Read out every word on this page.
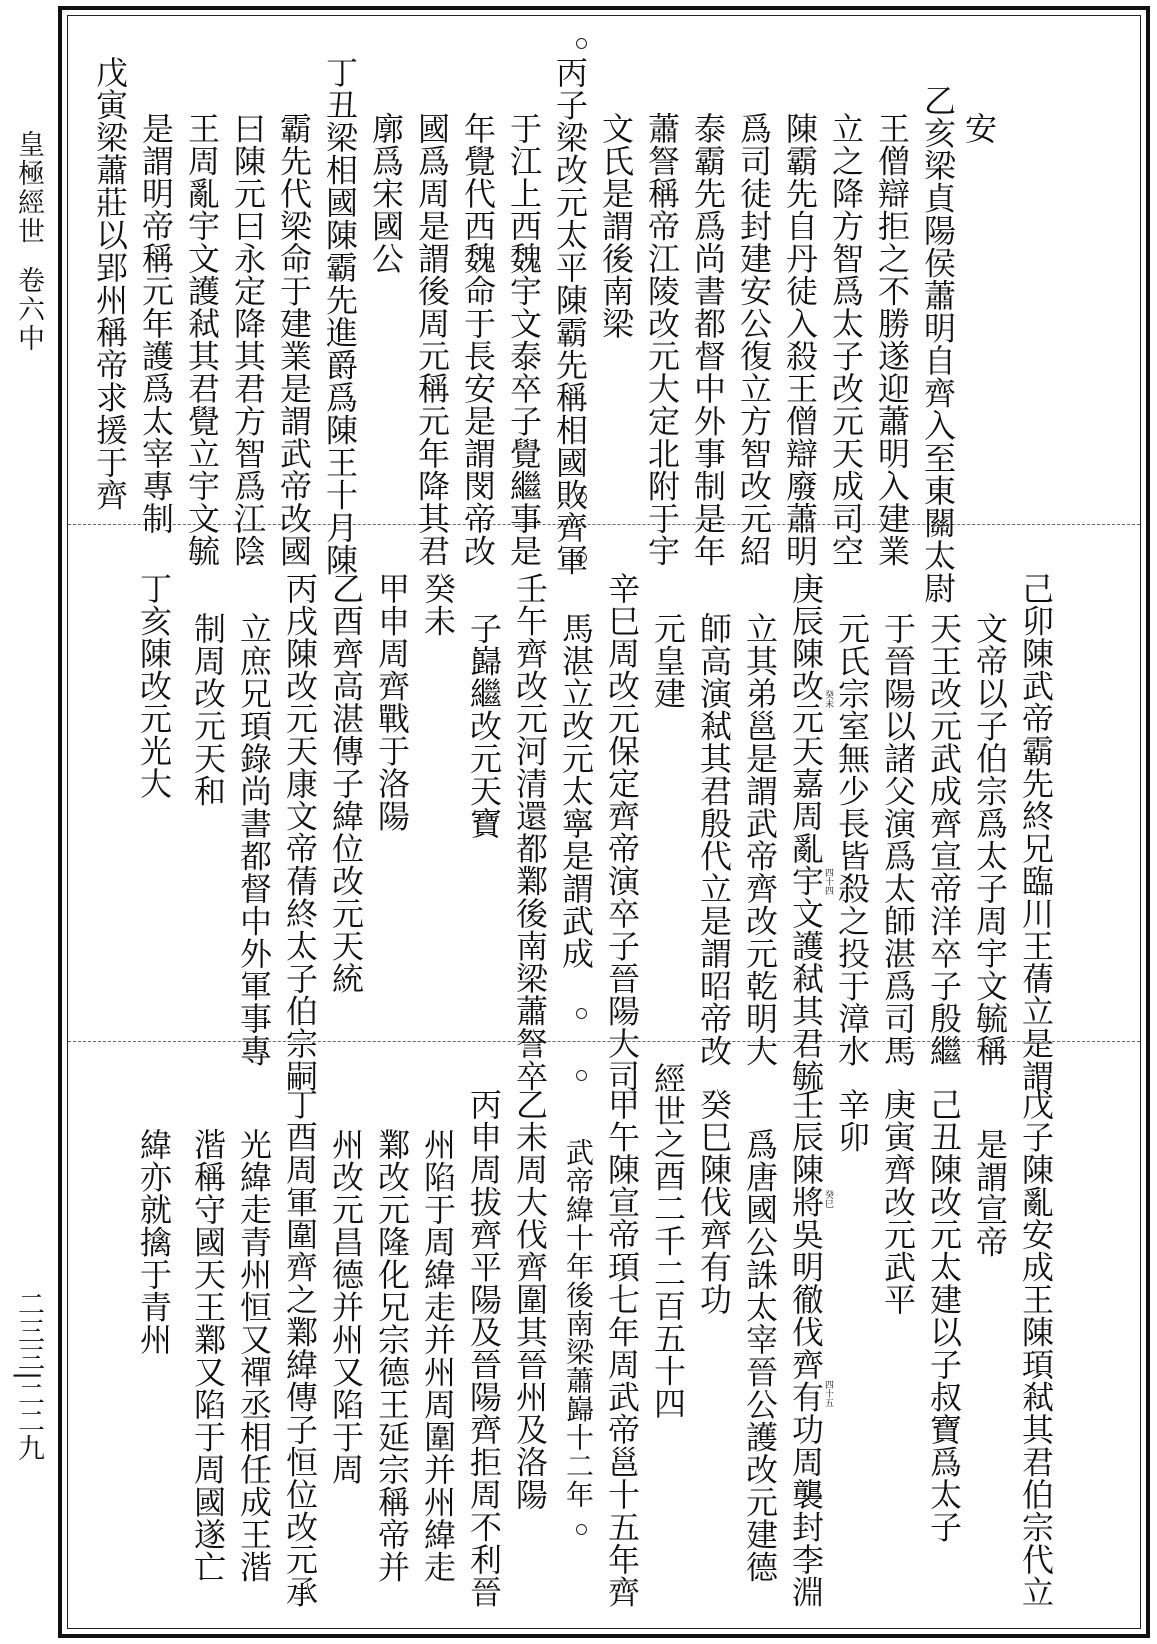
皇極經世卷六中
二三三|二二九
安
乙亥梁貞陽侯蕭明自齊入至東關太尉
王僧辯拒之不勝遂迎蕭明入建業
立之降方智爲太子改元天成司空
陳霸先自丹徒入殺王僧辯廢蕭明
爲司徒封建安公復立方智改元紹
泰霸先爲尚書都督中外事制是年
蕭詧稱帝江陵改元大定北附于宇
文氏是謂後南梁
丙子梁改元太平陳霸先稱相國敗齊軍
于江上西魏宇文泰卒子覺繼事是
年覺代西魏命于長安是謂閔帝改
國爲周是謂後周元稱元年降其君
廓爲宋國公
丁丑梁相國陳霸先進爵爲陳王十月陳
霸先代梁命于建業是謂武帝改國
曰陳元曰永定降其君方智爲江陰
王周亂宇文護弒其君覺立宇文毓
是謂明帝稱元年護爲太宰專制
戊寅梁蕭莊以郢州稱帝求援于齊
己卯陳武帝霸先終兄臨川王蒨立是謂
文帝以子伯宗爲太子周宇文毓稱
天王改元武成齊宣帝洋卒子殷繼
于晉陽以諸父演爲太師湛爲司馬
元氏宗室無少長皆殺之投于漳水
庚辰陳改元天嘉周亂宇文護弒其君毓
立其弟邕是謂武帝齊改元乾明大
師高演弒其君殷代立是謂昭帝改
元皇建
辛巳周改元保定齊帝演卒子晉陽大司
馬湛立改元太寧是謂武成
壬午齊改元河清還都鄴後南梁蕭詧卒
子巋繼改元天寶
癸未
甲申周齊戰于洛陽
乙酉齊高湛傳子緯位改元天統
丙戌陳改元天康文帝蒨終太子伯宗嗣
立庶兄頊錄尚書都督中外軍事專
制周改元天和
丁亥陳改元光大	癸未
四十四
戊子陳亂安成王陳頊弒其君伯宗代立
是謂宣帝
己丑陳改元太建以子叔寶爲太子
庚寅齊改元武平
辛卯
壬辰陳將吳明徹伐齊有功周襲封李淵
爲唐國公誅太宰晉公護改元建德
癸巳陳伐齊有功
經世之酉二千二百五十四
甲午陳宣帝頊七年周武帝邕十五年齊
武帝緯十年後南梁蕭巋十二年
乙未周大伐齊圍其晉州及洛陽
丙申周拔齊平陽及晉陽齊拒周不利晉
州陷于周緯走并州周圍并州緯走
鄴改元隆化兄宗德王延宗稱帝并
州改元昌德并州又陷于周
丁酉周軍圍齊之鄴緯傳子恒位改元承
光緯走青州恒又禪丞相任成王湝
湝稱守國天王鄴又陷于周國遂亡
緯亦就擒于青州	癸巳
四十五
